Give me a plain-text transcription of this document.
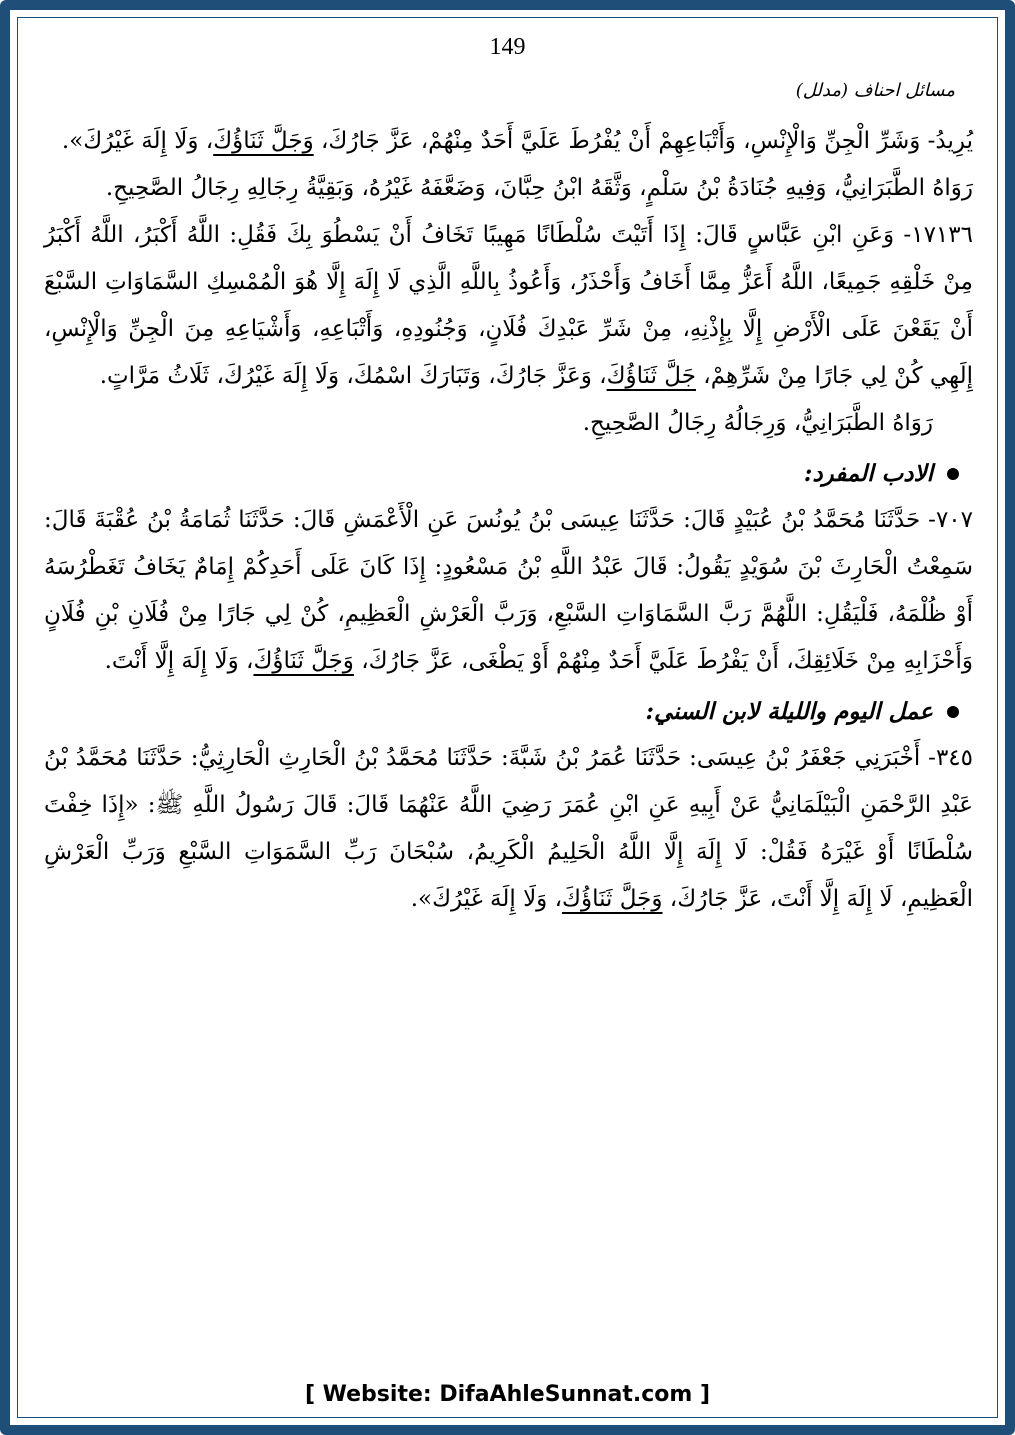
149
مسائل احناف (مدلل)

يُرِيدُ- وَشَرِّ الْجِنِّ وَالْإِنْسِ، وَأَتْبَاعِهِمْ أَنْ يُفْرُطَ عَلَيَّ أَحَدٌ مِنْهُمْ، عَزَّ جَارُكَ، وَجَلَّ ثَنَاؤُكَ، وَلَا إِلَهَ غَيْرُكَ».

رَوَاهُ الطَّبَرَانِيُّ، وَفِيهِ جُنَادَةُ بْنُ سَلْمٍ، وَثَّقَهُ ابْنُ حِبَّانَ، وَضَعَّفَهُ غَيْرُهُ، وَبَقِيَّةُ رِجَالِهِ رِجَالُ الصَّحِيحِ.

١٧١٣٦- وَعَنِ ابْنِ عَبَّاسٍ قَالَ: إِذَا أَتَيْتَ سُلْطَانًا مَهِيبًا تَخَافُ أَنْ يَسْطُوَ بِكَ فَقُلِ: اللَّهُ أَكْبَرُ، اللَّهُ أَكْبَرُ مِنْ خَلْقِهِ جَمِيعًا، اللَّهُ أَعَزُّ مِمَّا أَخَافُ وَأَحْذَرُ، وَأَعُوذُ بِاللَّهِ الَّذِي لَا إِلَهَ إِلَّا هُوَ الْمُمْسِكِ السَّمَاوَاتِ السَّبْعَ أَنْ يَقَعْنَ عَلَى الْأَرْضِ إِلَّا بِإِذْنِهِ، مِنْ شَرِّ عَبْدِكَ فُلَانٍ، وَجُنُودِهِ، وَأَتْبَاعِهِ، وَأَشْيَاعِهِ مِنَ الْجِنِّ وَالْإِنْسِ، إِلَهِي كُنْ لِي جَارًا مِنْ شَرِّهِمْ، جَلَّ ثَنَاؤُكَ، وَعَزَّ جَارُكَ، وَتَبَارَكَ اسْمُكَ، وَلَا إِلَهَ غَيْرُكَ، ثَلَاثُ مَرَّاتٍ.

رَوَاهُ الطَّبَرَانِيُّ، وَرِجَالُهُ رِجَالُ الصَّحِيحِ.

الادب المفرد:

٧٠٧- حَدَّثَنَا مُحَمَّدُ بْنُ عُبَيْدٍ قَالَ: حَدَّثَنَا عِيسَى بْنُ يُونُسَ عَنِ الْأَعْمَشِ قَالَ: حَدَّثَنَا ثُمَامَةُ بْنُ عُقْبَةَ قَالَ: سَمِعْتُ الْحَارِثَ بْنَ سُوَيْدٍ يَقُولُ: قَالَ عَبْدُ اللَّهِ بْنُ مَسْعُودٍ: إِذَا كَانَ عَلَى أَحَدِكُمْ إِمَامٌ يَخَافُ تَغَطْرُسَهُ أَوْ ظُلْمَهُ، فَلْيَقُلِ: اللَّهُمَّ رَبَّ السَّمَاوَاتِ السَّبْعِ، وَرَبَّ الْعَرْشِ الْعَظِيمِ، كُنْ لِي جَارًا مِنْ فُلَانِ بْنِ فُلَانٍ وَأَحْزَابِهِ مِنْ خَلَائِقِكَ، أَنْ يَفْرُطَ عَلَيَّ أَحَدٌ مِنْهُمْ أَوْ يَطْغَى، عَزَّ جَارُكَ، وَجَلَّ ثَنَاؤُكَ، وَلَا إِلَهَ إِلَّا أَنْتَ.

عمل اليوم والليلة لابن السني:

٣٤٥- أَخْبَرَنِي جَعْفَرُ بْنُ عِيسَى: حَدَّثَنَا عُمَرُ بْنُ شَبَّةَ: حَدَّثَنَا مُحَمَّدُ بْنُ الْحَارِثِ الْحَارِثِيُّ: حَدَّثَنَا مُحَمَّدُ بْنُ عَبْدِ الرَّحْمَنِ الْبَيْلَمَانِيُّ عَنْ أَبِيهِ عَنِ ابْنِ عُمَرَ رَضِيَ اللَّهُ عَنْهُمَا قَالَ: قَالَ رَسُولُ اللَّهِ ﷺ: «إِذَا خِفْتَ سُلْطَانًا أَوْ غَيْرَهُ فَقُلْ: لَا إِلَهَ إِلَّا اللَّهُ الْحَلِيمُ الْكَرِيمُ، سُبْحَانَ رَبِّ السَّمَوَاتِ السَّبْعِ وَرَبِّ الْعَرْشِ الْعَظِيمِ، لَا إِلَهَ إِلَّا أَنْتَ، عَزَّ جَارُكَ، وَجَلَّ ثَنَاؤُكَ، وَلَا إِلَهَ غَيْرُكَ».

[ Website: DifaAhleSunnat.com ]
